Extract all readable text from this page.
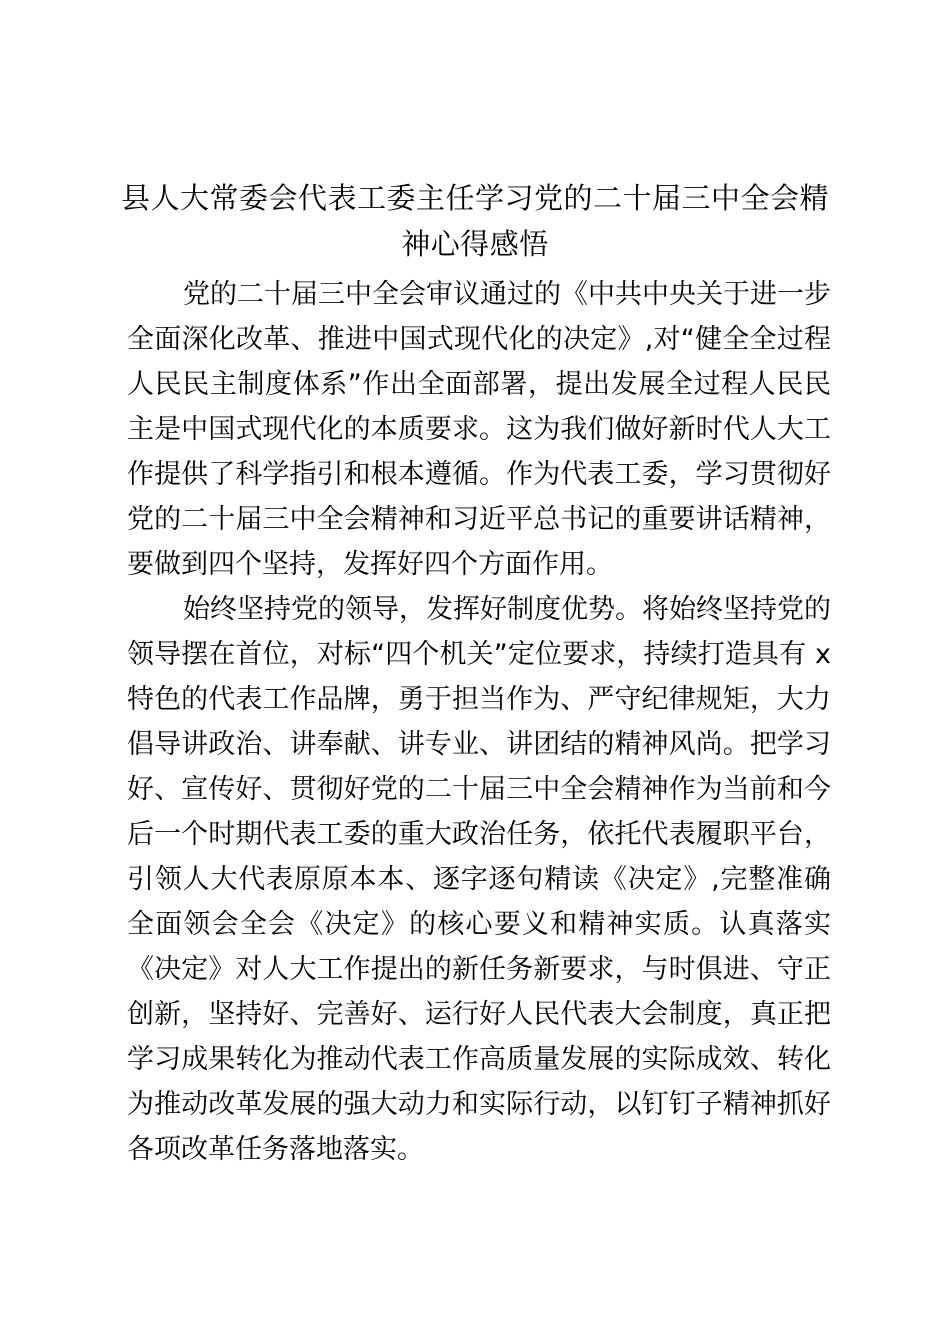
县人大常委会代表工委主任学习党的二十届三中全会精神心得感悟

党的二十届三中全会审议通过的《中共中央关于进一步全面深化改革、推进中国式现代化的决定》,对“健全全过程人民民主制度体系”作出全面部署，提出发展全过程人民民主是中国式现代化的本质要求。这为我们做好新时代人大工作提供了科学指引和根本遵循。作为代表工委，学习贯彻好党的二十届三中全会精神和习近平总书记的重要讲话精神，要做到四个坚持，发挥好四个方面作用。

始终坚持党的领导，发挥好制度优势。将始终坚持党的领导摆在首位，对标“四个机关”定位要求，持续打造具有 x 特色的代表工作品牌，勇于担当作为、严守纪律规矩，大力倡导讲政治、讲奉献、讲专业、讲团结的精神风尚。把学习好、宣传好、贯彻好党的二十届三中全会精神作为当前和今后一个时期代表工委的重大政治任务，依托代表履职平台，引领人大代表原原本本、逐字逐句精读《决定》,完整准确全面领会全会《决定》的核心要义和精神实质。认真落实《决定》对人大工作提出的新任务新要求，与时俱进、守正创新，坚持好、完善好、运行好人民代表大会制度，真正把学习成果转化为推动代表工作高质量发展的实际成效、转化为推动改革发展的强大动力和实际行动，以钉钉子精神抓好各项改革任务落地落实。
